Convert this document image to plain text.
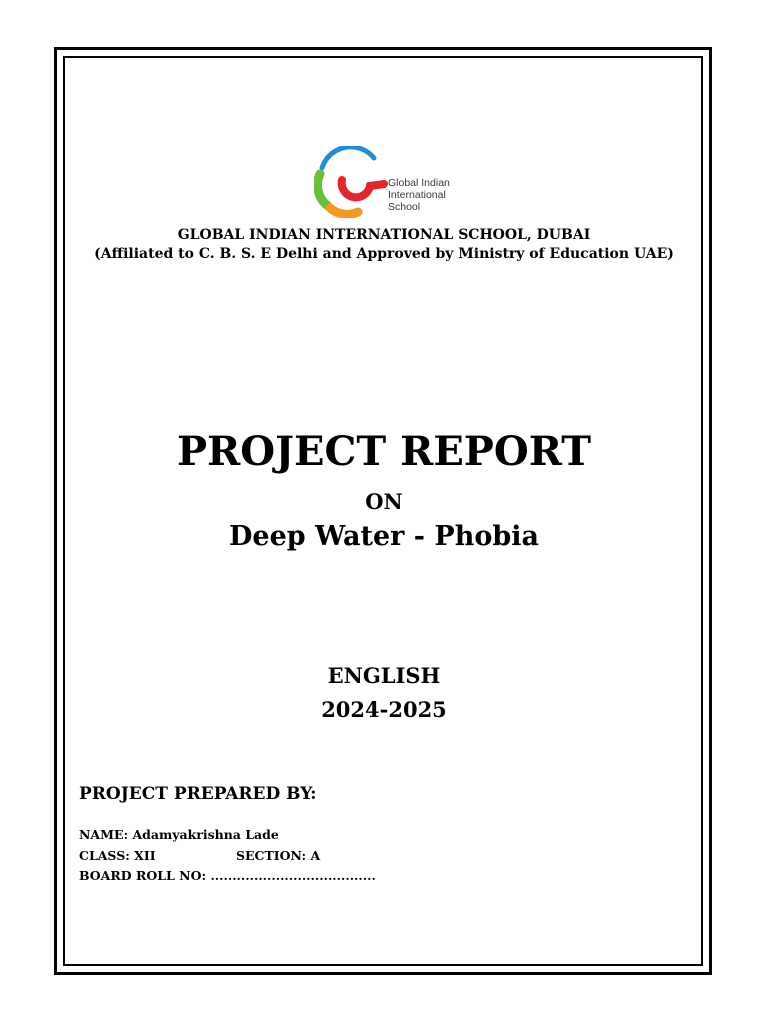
Global Indian
International
School
GLOBAL INDIAN INTERNATIONAL SCHOOL, DUBAI
(Affiliated to C. B. S. E Delhi and Approved by Ministry of Education UAE)
PROJECT REPORT
ON
Deep Water - Phobia
ENGLISH
2024-2025
PROJECT PREPARED BY:
NAME: Adamyakrishna Lade
CLASS: XII	SECTION: A
BOARD ROLL NO: ......................................
